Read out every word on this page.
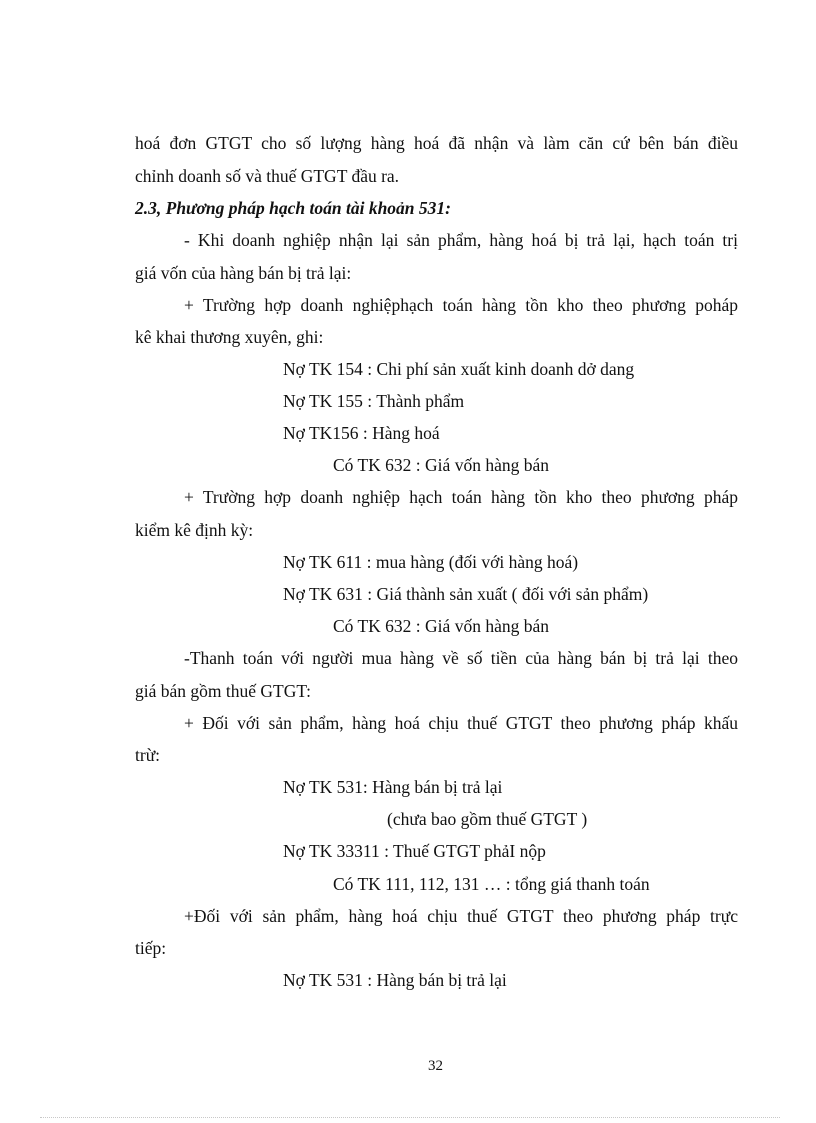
hoá đơn GTGT cho số lượng hàng hoá đã nhận và làm căn cứ bên bán điều
chỉnh doanh số và thuế GTGT đầu ra.
2.3, Phương pháp hạch toán tài khoản 531:
- Khi doanh nghiệp nhận lại sản phẩm, hàng hoá bị trả lại, hạch toán trị
giá vốn của hàng bán bị trả lại:
+ Trường hợp doanh nghiệphạch toán hàng tồn kho theo phương poháp
kê khai thương xuyên, ghi:
Nợ TK 154 : Chi phí sản xuất kinh doanh dở dang
Nợ TK 155 : Thành phẩm
Nợ TK156 : Hàng hoá
Có TK 632 : Giá vốn hàng bán
+ Trường hợp doanh nghiệp hạch toán hàng tồn kho theo phương pháp
kiểm kê định kỳ:
Nợ TK 611 : mua hàng (đối với hàng hoá)
Nợ TK 631 : Giá thành sản xuất ( đối với sản phẩm)
Có TK 632 : Giá vốn hàng bán
-Thanh toán với người mua hàng về số tiền của hàng bán bị trả lại theo
giá bán gồm thuế GTGT:
+ Đối với sản phẩm, hàng hoá chịu thuế GTGT theo phương pháp khấu
trừ:
Nợ TK 531: Hàng bán bị trả lại
(chưa bao gồm thuế GTGT )
Nợ TK 33311 : Thuế GTGT phảI nộp
Có TK 111, 112, 131 … : tổng giá thanh toán
+Đối với sản phẩm, hàng hoá chịu thuế GTGT theo phương pháp trực
tiếp:
Nợ TK 531 : Hàng bán bị trả lại
32
